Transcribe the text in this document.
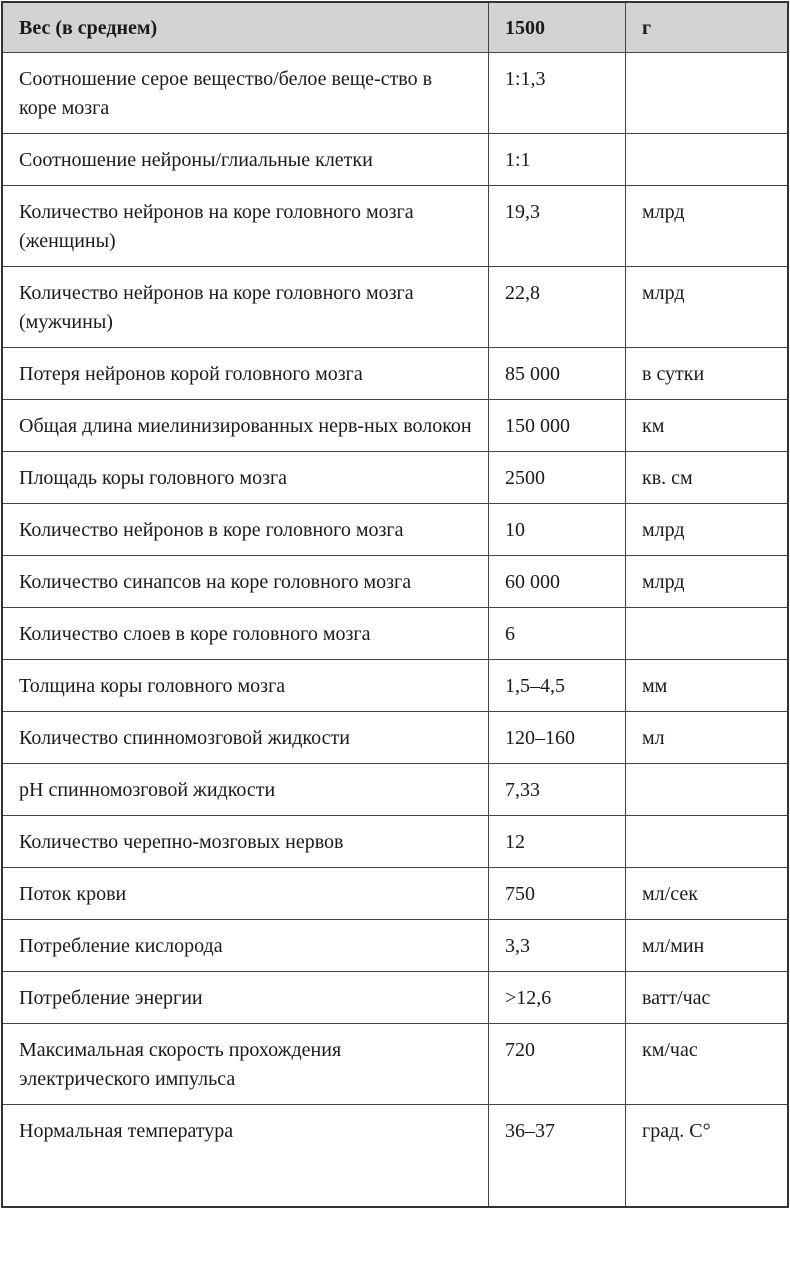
Вес (в среднем)	1500	г
Соотношение серое вещество/белое веще-ство в коре мозга	1:1,3	
Соотношение нейроны/глиальные клетки	1:1	
Количество нейронов на коре головного мозга (женщины)	19,3	млрд
Количество нейронов на коре головного мозга (мужчины)	22,8	млрд
Потеря нейронов корой головного мозга	85 000	в сутки
Общая длина миелинизированных нерв-ных волокон	150 000	км
Площадь коры головного мозга	2500	кв. см
Количество нейронов в коре головного мозга	10	млрд
Количество синапсов на коре головного мозга	60 000	млрд
Количество слоев в коре головного мозга	6	
Толщина коры головного мозга	1,5–4,5	мм
Количество спинномозговой жидкости	120–160	мл
pH спинномозговой жидкости	7,33	
Количество черепно-мозговых нервов	12	
Поток крови	750	мл/сек
Потребление кислорода	3,3	мл/мин
Потребление энергии	>12,6	ватт/час
Максимальная скорость прохождения электрического импульса	720	км/час
Нормальная температура	36–37	град. С°
